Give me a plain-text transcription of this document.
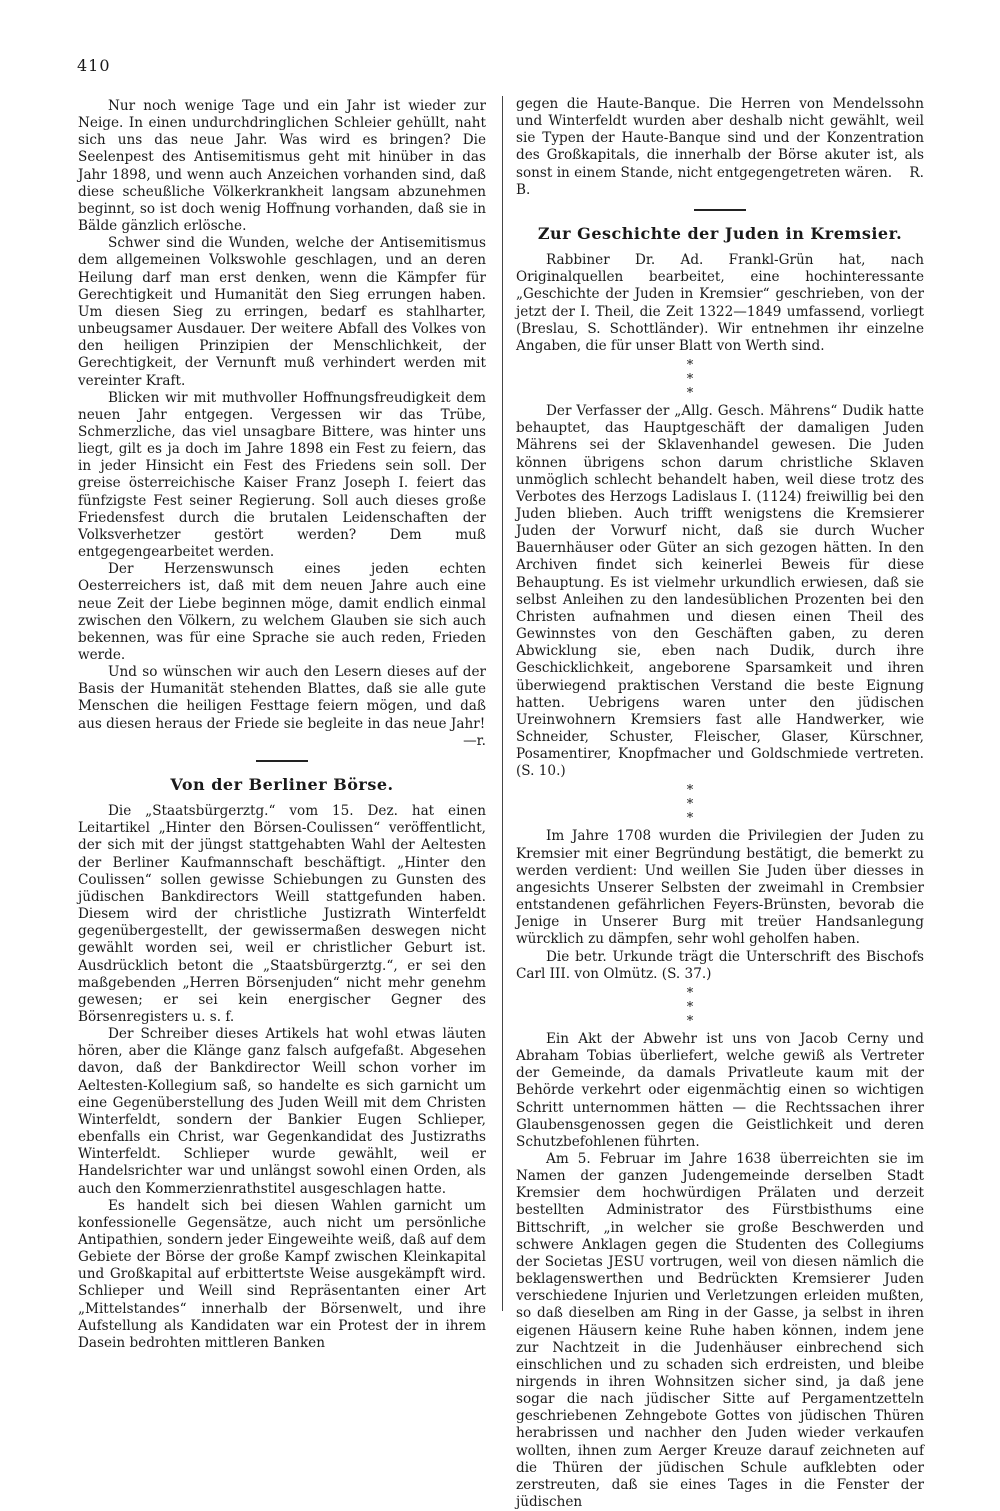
410

Nur noch wenige Tage und ein Jahr ist wieder zur Neige. In einen undurchdringlichen Schleier gehüllt, naht sich uns das neue Jahr. Was wird es bringen? Die Seelenpest des Antisemitismus geht mit hinüber in das Jahr 1898, und wenn auch Anzeichen vorhanden sind, daß diese scheußliche Völkerkrankheit langsam abzunehmen beginnt, so ist doch wenig Hoffnung vorhanden, daß sie in Bälde gänzlich erlösche.

Schwer sind die Wunden, welche der Antisemitismus dem allgemeinen Volkswohle geschlagen, und an deren Heilung darf man erst denken, wenn die Kämpfer für Gerechtigkeit und Humanität den Sieg errungen haben. Um diesen Sieg zu erringen, bedarf es stahlharter, unbeugsamer Ausdauer. Der weitere Abfall des Volkes von den heiligen Prinzipien der Menschlichkeit, der Gerechtigkeit, der Vernunft muß verhindert werden mit vereinter Kraft.

Blicken wir mit muthvoller Hoffnungsfreudigkeit dem neuen Jahr entgegen. Vergessen wir das Trübe, Schmerzliche, das viel unsagbare Bittere, was hinter uns liegt, gilt es ja doch im Jahre 1898 ein Fest zu feiern, das in jeder Hinsicht ein Fest des Friedens sein soll. Der greise österreichische Kaiser Franz Joseph I. feiert das fünfzigste Fest seiner Regierung. Soll auch dieses große Friedensfest durch die brutalen Leidenschaften der Volksverhetzer gestört werden? Dem muß entgegengearbeitet werden.

Der Herzenswunsch eines jeden echten Oesterreichers ist, daß mit dem neuen Jahre auch eine neue Zeit der Liebe beginnen möge, damit endlich einmal zwischen den Völkern, zu welchem Glauben sie sich auch bekennen, was für eine Sprache sie auch reden, Frieden werde.

Und so wünschen wir auch den Lesern dieses auf der Basis der Humanität stehenden Blattes, daß sie alle gute Menschen die heiligen Festtage feiern mögen, und daß aus diesen heraus der Friede sie begleite in das neue Jahr!

—r.

Von der Berliner Börse.

Die „Staatsbürgerztg.“ vom 15. Dez. hat einen Leitartikel „Hinter den Börsen-Coulissen“ veröffentlicht, der sich mit der jüngst stattgehabten Wahl der Aeltesten der Berliner Kaufmannschaft beschäftigt. „Hinter den Coulissen“ sollen gewisse Schiebungen zu Gunsten des jüdischen Bankdirectors Weill stattgefunden haben. Diesem wird der christliche Justizrath Winterfeldt gegenübergestellt, der gewissermaßen deswegen nicht gewählt worden sei, weil er christlicher Geburt ist. Ausdrücklich betont die „Staatsbürgerztg.“, er sei den maßgebenden „Herren Börsenjuden“ nicht mehr genehm gewesen; er sei kein energischer Gegner des Börsenregisters u. s. f.

Der Schreiber dieses Artikels hat wohl etwas läuten hören, aber die Klänge ganz falsch aufgefaßt. Abgesehen davon, daß der Bankdirector Weill schon vorher im Aeltesten-Kollegium saß, so handelte es sich garnicht um eine Gegenüberstellung des Juden Weill mit dem Christen Winterfeldt, sondern der Bankier Eugen Schlieper, ebenfalls ein Christ, war Gegenkandidat des Justizraths Winterfeldt. Schlieper wurde gewählt, weil er Handelsrichter war und unlängst sowohl einen Orden, als auch den Kommerzienrathstitel ausgeschlagen hatte.

Es handelt sich bei diesen Wahlen garnicht um konfessionelle Gegensätze, auch nicht um persönliche Antipathien, sondern jeder Eingeweihte weiß, daß auf dem Gebiete der Börse der große Kampf zwischen Kleinkapital und Großkapital auf erbittertste Weise ausgekämpft wird. Schlieper und Weill sind Repräsentanten einer Art „Mittelstandes“ innerhalb der Börsenwelt, und ihre Aufstellung als Kandidaten war ein Protest der in ihrem Dasein bedrohten mittleren Banken

gegen die Haute-Banque. Die Herren von Mendelssohn und Winterfeldt wurden aber deshalb nicht gewählt, weil sie Typen der Haute-Banque sind und der Konzentration des Großkapitals, die innerhalb der Börse akuter ist, als sonst in einem Stande, nicht entgegengetreten wären. R. B.

Zur Geschichte der Juden in Kremsier.

Rabbiner Dr. Ad. Frankl-Grün hat, nach Originalquellen bearbeitet, eine hochinteressante „Geschichte der Juden in Kremsier“ geschrieben, von der jetzt der I. Theil, die Zeit 1322—1849 umfassend, vorliegt (Breslau, S. Schottländer). Wir entnehmen ihr einzelne Angaben, die für unser Blatt von Werth sind.

* * *

Der Verfasser der „Allg. Gesch. Mährens“ Dudik hatte behauptet, das Hauptgeschäft der damaligen Juden Mährens sei der Sklavenhandel gewesen. Die Juden können übrigens schon darum christliche Sklaven unmöglich schlecht behandelt haben, weil diese trotz des Verbotes des Herzogs Ladislaus I. (1124) freiwillig bei den Juden blieben. Auch trifft wenigstens die Kremsierer Juden der Vorwurf nicht, daß sie durch Wucher Bauernhäuser oder Güter an sich gezogen hätten. In den Archiven findet sich keinerlei Beweis für diese Behauptung. Es ist vielmehr urkundlich erwiesen, daß sie selbst Anleihen zu den landesüblichen Prozenten bei den Christen aufnahmen und diesen einen Theil des Gewinnstes von den Geschäften gaben, zu deren Abwicklung sie, eben nach Dudik, durch ihre Geschicklichkeit, angeborene Sparsamkeit und ihren überwiegend praktischen Verstand die beste Eignung hatten. Uebrigens waren unter den jüdischen Ureinwohnern Kremsiers fast alle Handwerker, wie Schneider, Schuster, Fleischer, Glaser, Kürschner, Posamentirer, Knopfmacher und Goldschmiede vertreten. (S. 10.)

* * *

Im Jahre 1708 wurden die Privilegien der Juden zu Kremsier mit einer Begründung bestätigt, die bemerkt zu werden verdient: Und weillen Sie Juden über diesses in angesichts Unserer Selbsten der zweimahl in Crembsier entstandenen gefährlichen Feyers-Brünsten, bevorab die Jenige in Unserer Burg mit treüer Handsanlegung würcklich zu dämpfen, sehr wohl geholfen haben.

Die betr. Urkunde trägt die Unterschrift des Bischofs Carl III. von Olmütz. (S. 37.)

* * *

Ein Akt der Abwehr ist uns von Jacob Cerny und Abraham Tobias überliefert, welche gewiß als Vertreter der Gemeinde, da damals Privatleute kaum mit der Behörde verkehrt oder eigenmächtig einen so wichtigen Schritt unternommen hätten — die Rechtssachen ihrer Glaubensgenossen gegen die Geistlichkeit und deren Schutzbefohlenen führten.

Am 5. Februar im Jahre 1638 überreichten sie im Namen der ganzen Judengemeinde derselben Stadt Kremsier dem hochwürdigen Prälaten und derzeit bestellten Administrator des Fürstbisthums eine Bittschrift, „in welcher sie große Beschwerden und schwere Anklagen gegen die Studenten des Collegiums der Societas JESU vortrugen, weil von diesen nämlich die beklagenswerthen und Bedrückten Kremsierer Juden verschiedene Injurien und Verletzungen erleiden mußten, so daß dieselben am Ring in der Gasse, ja selbst in ihren eigenen Häusern keine Ruhe haben können, indem jene zur Nachtzeit in die Judenhäuser einbrechend sich einschlichen und zu schaden sich erdreisten, und bleibe nirgends in ihren Wohnsitzen sicher sind, ja daß jene sogar die nach jüdischer Sitte auf Pergamentzetteln geschriebenen Zehngebote Gottes von jüdischen Thüren herabrissen und nachher den Juden wieder verkaufen wollten, ihnen zum Aerger Kreuze darauf zeichneten auf die Thüren der jüdischen Schule aufklebten oder zerstreuten, daß sie eines Tages in die Fenster der jüdischen
